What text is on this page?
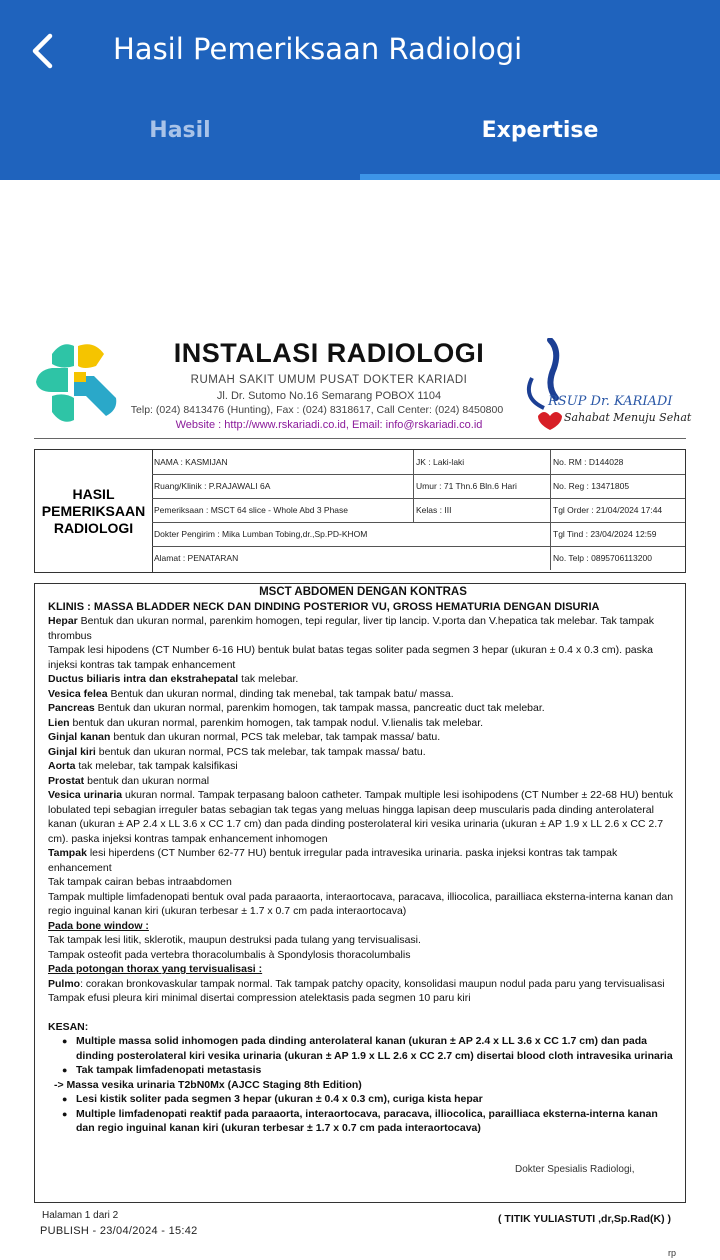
Hasil Pemeriksaan Radiologi
Hasil	Expertise
INSTALASI RADIOLOGI
RUMAH SAKIT UMUM PUSAT DOKTER KARIADI
Jl. Dr. Sutomo No.16 Semarang POBOX 1104
Telp: (024) 8413476 (Hunting), Fax : (024) 8318617, Call Center: (024) 8450800
Website : http://www.rskariadi.co.id, Email: info@rskariadi.co.id
RSUP Dr. KARIADI
Sahabat Menuju Sehat
HASIL
PEMERIKSAAN
RADIOLOGI
NAMA : KASMIJAN	JK : Laki-laki	No. RM : D144028
Ruang/Klinik : P.RAJAWALI 6A	Umur : 71 Thn.6 Bln.6 Hari	No. Reg : 13471805
Pemeriksaan : MSCT 64 slice - Whole Abd 3 Phase	Kelas : III	Tgl Order : 21/04/2024 17:44
Dokter Pengirim : Mika Lumban Tobing,dr.,Sp.PD-KHOM	Tgl Tind : 23/04/2024 12:59
Alamat : PENATARAN	No. Telp : 0895706113200
MSCT ABDOMEN DENGAN KONTRAS
KLINIS : MASSA BLADDER NECK DAN DINDING POSTERIOR VU, GROSS HEMATURIA DENGAN DISURIA
Hepar Bentuk dan ukuran normal, parenkim homogen, tepi regular, liver tip lancip. V.porta dan V.hepatica tak melebar. Tak tampak thrombus
Tampak lesi hipodens (CT Number 6-16 HU) bentuk bulat batas tegas soliter pada segmen 3 hepar (ukuran ± 0.4 x 0.3 cm). paska injeksi kontras tak tampak enhancement
Ductus biliaris intra dan ekstrahepatal tak melebar.
Vesica felea Bentuk dan ukuran normal, dinding tak menebal, tak tampak batu/ massa.
Pancreas Bentuk dan ukuran normal, parenkim homogen, tak tampak massa, pancreatic duct tak melebar.
Lien bentuk dan ukuran normal, parenkim homogen, tak tampak nodul. V.lienalis tak melebar.
Ginjal kanan bentuk dan ukuran normal, PCS tak melebar, tak tampak massa/ batu.
Ginjal kiri bentuk dan ukuran normal, PCS tak melebar, tak tampak massa/ batu.
Aorta tak melebar, tak tampak kalsifikasi
Prostat bentuk dan ukuran normal
Vesica urinaria ukuran normal. Tampak terpasang baloon catheter. Tampak multiple lesi isohipodens (CT Number ± 22-68 HU) bentuk lobulated tepi sebagian irreguler batas sebagian tak tegas yang meluas hingga lapisan deep muscularis pada dinding anterolateral kanan (ukuran ± AP 2.4 x LL 3.6 x CC 1.7 cm) dan pada dinding posterolateral kiri vesika urinaria (ukuran ± AP 1.9 x LL 2.6 x CC 2.7 cm). paska injeksi kontras tampak enhancement inhomogen
Tampak lesi hiperdens (CT Number 62-77 HU) bentuk irregular pada intravesika urinaria. paska injeksi kontras tak tampak enhancement
Tak tampak cairan bebas intraabdomen
Tampak multiple limfadenopati bentuk oval pada paraaorta, interaortocava, paracava, illiocolica, parailliaca eksterna-interna kanan dan regio inguinal kanan kiri (ukuran terbesar ± 1.7 x 0.7 cm pada interaortocava)
Pada bone window :
Tak tampak lesi litik, sklerotik, maupun destruksi pada tulang yang tervisualisasi.
Tampak osteofit pada vertebra thoracolumbalis à Spondylosis thoracolumbalis
Pada potongan thorax yang tervisualisasi :
Pulmo: corakan bronkovaskular tampak normal. Tak tampak patchy opacity, konsolidasi maupun nodul pada paru yang tervisualisasi
Tampak efusi pleura kiri minimal disertai compression atelektasis pada segmen 10 paru kiri
KESAN:
● Multiple massa solid inhomogen pada dinding anterolateral kanan (ukuran ± AP 2.4 x LL 3.6 x CC 1.7 cm) dan pada dinding posterolateral kiri vesika urinaria (ukuran ± AP 1.9 x LL 2.6 x CC 2.7 cm) disertai blood cloth intravesika urinaria
● Tak tampak limfadenopati metastasis
-> Massa vesika urinaria T2bN0Mx (AJCC Staging 8th Edition)
● Lesi kistik soliter pada segmen 3 hepar (ukuran ± 0.4 x 0.3 cm), curiga kista hepar
● Multiple limfadenopati reaktif pada paraaorta, interaortocava, paracava, illiocolica, parailliaca eksterna-interna kanan dan regio inguinal kanan kiri (ukuran terbesar ± 1.7 x 0.7 cm pada interaortocava)
Dokter Spesialis Radiologi,
Halaman 1 dari 2
PUBLISH - 23/04/2024 - 15:42
( TITIK YULIASTUTI ,dr,Sp.Rad(K) )
rp
